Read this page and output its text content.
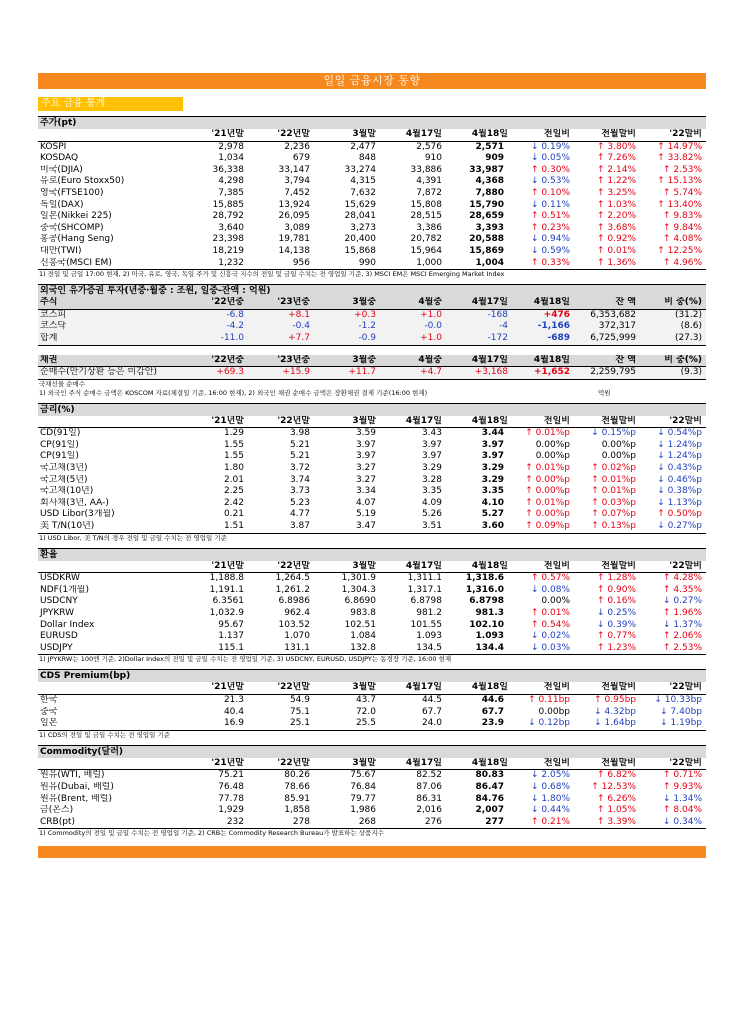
일일 금융시장 동향
주요 금융 통계
주가(pt)
	'21년말	'22년말	3월말	4월17일	4월18일	전일비	전월말비	'22말비
KOSPI	2,978	2,236	2,477	2,576	2,571	↓ 0.19%	↑ 3.80%	↑ 14.97%
KOSDAQ	1,034	679	848	910	909	↓ 0.05%	↑ 7.26%	↑ 33.82%
미국(DJIA)	36,338	33,147	33,274	33,886	33,987	↑ 0.30%	↑ 2.14%	↑ 2.53%
유로(Euro Stoxx50)	4,298	3,794	4,315	4,391	4,368	↓ 0.53%	↑ 1.22%	↑ 15.13%
영국(FTSE100)	7,385	7,452	7,632	7,872	7,880	↑ 0.10%	↑ 3.25%	↑ 5.74%
독일(DAX)	15,885	13,924	15,629	15,808	15,790	↓ 0.11%	↑ 1.03%	↑ 13.40%
일본(Nikkei 225)	28,792	26,095	28,041	28,515	28,659	↑ 0.51%	↑ 2.20%	↑ 9.83%
중국(SHCOMP)	3,640	3,089	3,273	3,386	3,393	↑ 0.23%	↑ 3.68%	↑ 9.84%
홍콩(Hang Seng)	23,398	19,781	20,400	20,782	20,588	↓ 0.94%	↑ 0.92%	↑ 4.08%
대만(TWI)	18,219	14,138	15,868	15,964	15,869	↓ 0.59%	↑ 0.01%	↑ 12.25%
신흥국(MSCI EM)	1,232	956	990	1,000	1,004	↑ 0.33%	↑ 1.36%	↑ 4.96%
1) 전일 및 금일 17:00 현재, 2) 미국, 유로, 영국, 독일 주가 및 신흥국 지수의 전일 및 금일 수치는 전 영업일 기준, 3) MSCI EM은 MSCI Emerging Market Index
외국인 유가증권 투자(년중·월중 : 조원, 일중-잔액 : 억원)
주식	'22년중	'23년중	3월중	4월중	4월17일	4월18일	잔 액	비 중(%)
코스피	-6.8	+8.1	+0.3	+1.0	-168	+476	6,353,682	(31.2)
코스닥	-4.2	-0.4	-1.2	-0.0	-4	-1,166	372,317	(8.6)
합계	-11.0	+7.7	-0.9	+1.0	-172	-689	6,725,999	(27.3)
채권	'22년중	'23년중	3월중	4월중	4월17일	4월18일	잔 액	비 중(%)
순매수(만기상환 등은 미감안)	+69.3	+15.9	+11.7	+4.7	+3,168	+1,652	2,259,795	(9.3)
국채선물 순매수
1) 외국인 주식 순매수 금액은 KOSCOM 자료(체결일 기준, 16:00 현재), 2) 외국인 채권 순매수 금액은 장환채권 결제 기준(16:00 현재)	억원
금리(%)
	'21년말	'22년말	3월말	4월17일	4월18일	전일비	전월말비	'22말비
CD(91일)	1.29	3.98	3.59	3.43	3.44	↑ 0.01%p	↓ 0.15%p	↓ 0.54%p
CP(91일)	1.55	5.21	3.97	3.97	3.97	0.00%p	0.00%p	↓ 1.24%p
CP(91일)	1.55	5.21	3.97	3.97	3.97	0.00%p	0.00%p	↓ 1.24%p
국고채(3년)	1.80	3.72	3.27	3.29	3.29	↑ 0.01%p	↑ 0.02%p	↓ 0.43%p
국고채(5년)	2.01	3.74	3.27	3.28	3.29	↑ 0.00%p	↑ 0.01%p	↓ 0.46%p
국고채(10년)	2.25	3.73	3.34	3.35	3.35	↑ 0.00%p	↑ 0.01%p	↓ 0.38%p
회사채(3년, AA-)	2.42	5.23	4.07	4.09	4.10	↑ 0.01%p	↑ 0.03%p	↓ 1.13%p
USD Libor(3개월)	0.21	4.77	5.19	5.26	5.27	↑ 0.00%p	↑ 0.07%p	↑ 0.50%p
美 T/N(10년)	1.51	3.87	3.47	3.51	3.60	↑ 0.09%p	↑ 0.13%p	↓ 0.27%p
1) USD Libor, 美 T/N의 경우 전일 및 금일 수치는 전 영업일 기준
환율
	'21년말	'22년말	3월말	4월17일	4월18일	전일비	전월말비	'22말비
USDKRW	1,188.8	1,264.5	1,301.9	1,311.1	1,318.6	↑ 0.57%	↑ 1.28%	↑ 4.28%
NDF(1개월)	1,191.1	1,261.2	1,304.3	1,317.1	1,316.0	↓ 0.08%	↑ 0.90%	↑ 4.35%
USDCNY	6.3561	6.8986	6.8690	6.8798	6.8798	0.00%	↑ 0.16%	↓ 0.27%
JPYKRW	1,032.9	962.4	983.8	981.2	981.3	↑ 0.01%	↓ 0.25%	↑ 1.96%
Dollar Index	95.67	103.52	102.51	101.55	102.10	↑ 0.54%	↓ 0.39%	↓ 1.37%
EURUSD	1.137	1.070	1.084	1.093	1.093	↓ 0.02%	↑ 0.77%	↑ 2.06%
USDJPY	115.1	131.1	132.8	134.5	134.4	↓ 0.03%	↑ 1.23%	↑ 2.53%
1) JPYKRW는 100엔 기준, 2)Dollar Index의 전일 및 금일 수치는 전 영업일 기준, 3) USDCNY, EURUSD, USDJPY는 동경장 기준, 16:00 현재
CDS Premium(bp)
	'21년말	'22년말	3월말	4월17일	4월18일	전일비	전월말비	'22말비
한국	21.3	54.9	43.7	44.5	44.6	↑ 0.11bp	↑ 0.95bp	↓ 10.33bp
중국	40.4	75.1	72.0	67.7	67.7	0.00bp	↓ 4.32bp	↓ 7.40bp
일본	16.9	25.1	25.5	24.0	23.9	↓ 0.12bp	↓ 1.64bp	↓ 1.19bp
1) CDS의 전일 및 금일 수치는 전 영업일 기준
Commodity(달러)
	'21년말	'22년말	3월말	4월17일	4월18일	전일비	전월말비	'22말비
원유(WTI, 배럴)	75.21	80.26	75.67	82.52	80.83	↓ 2.05%	↑ 6.82%	↑ 0.71%
원유(Dubai, 배럴)	76.48	78.66	76.84	87.06	86.47	↓ 0.68%	↑ 12.53%	↑ 9.93%
원유(Brent, 배럴)	77.78	85.91	79.77	86.31	84.76	↓ 1.80%	↑ 6.26%	↓ 1.34%
금(온스)	1,929	1,858	1,986	2,016	2,007	↓ 0.44%	↑ 1.05%	↑ 8.04%
CRB(pt)	232	278	268	276	277	↑ 0.21%	↑ 3.39%	↓ 0.34%
1) Commodity의 전일 및 금일 수치는 전 영업일 기준, 2) CRB는 Commodity Research Bureau가 발표하는 상품지수
